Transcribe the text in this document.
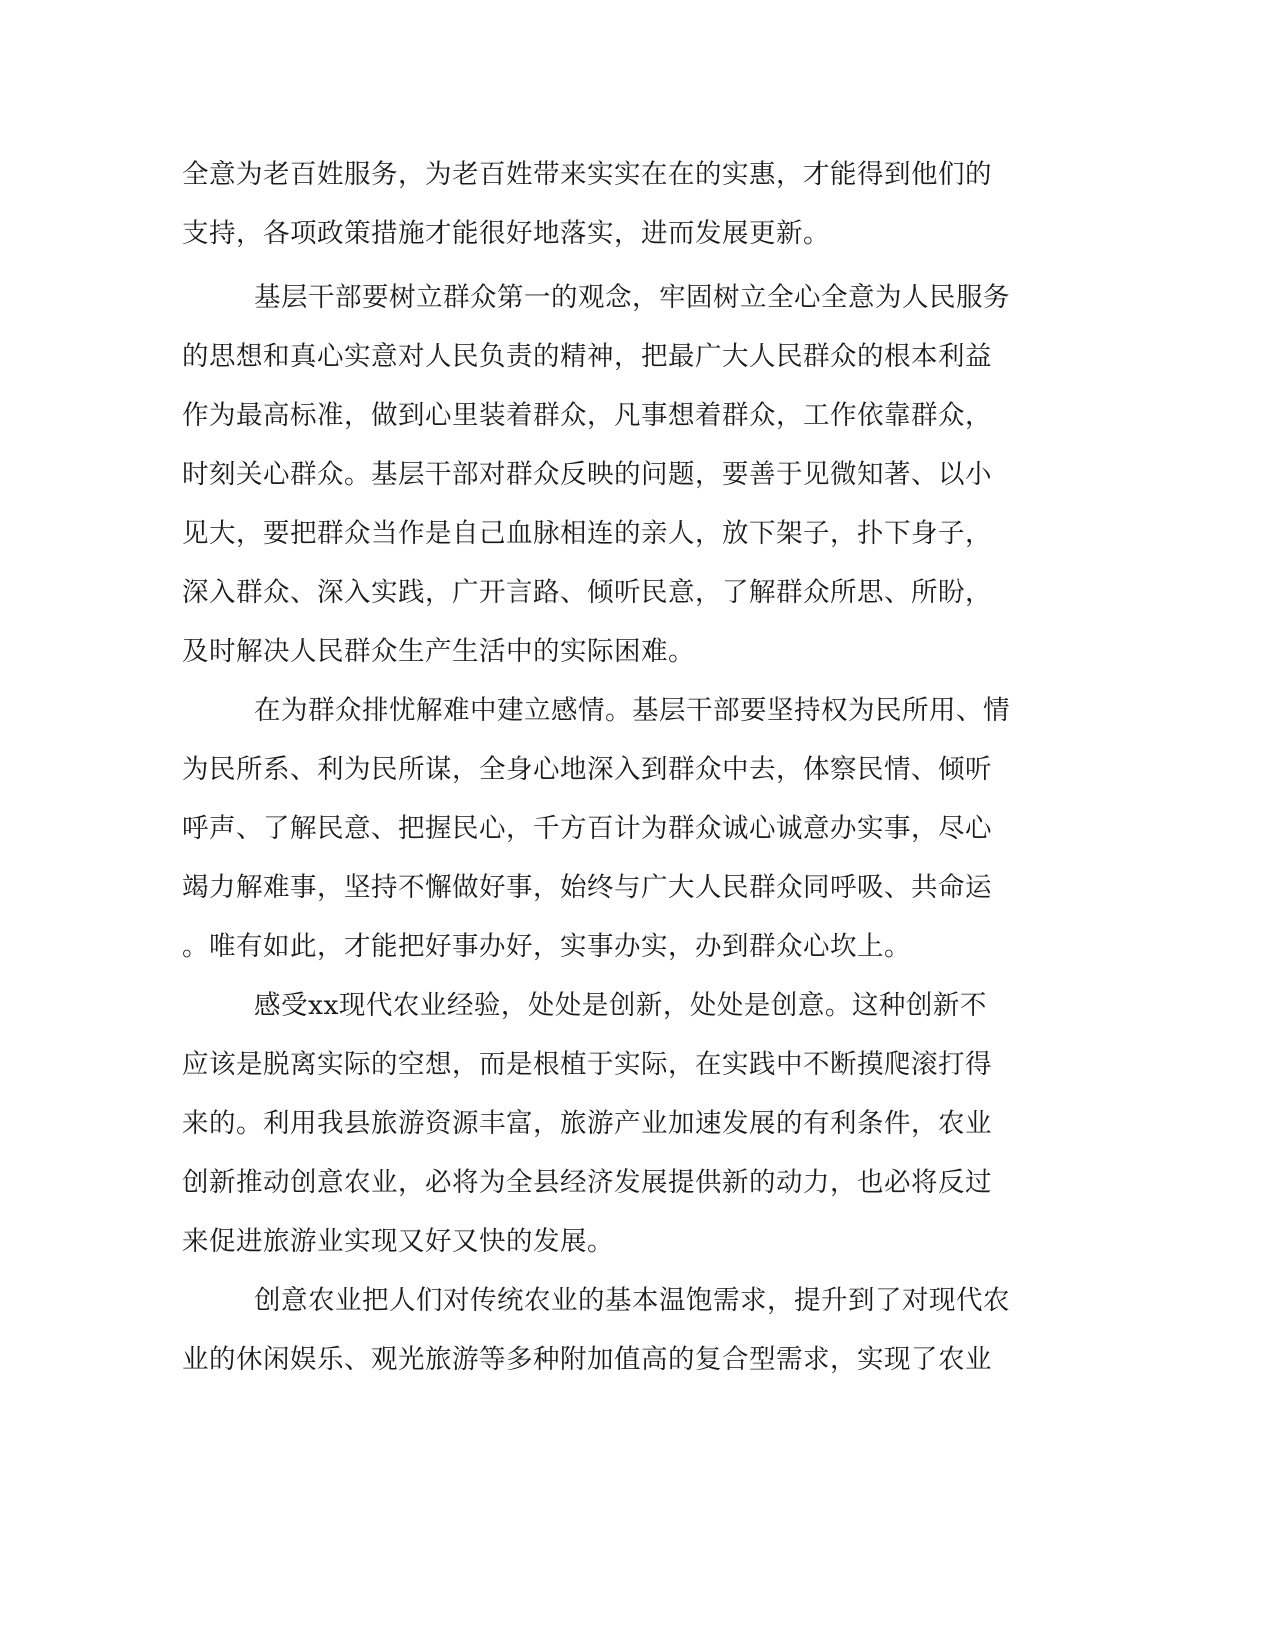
全意为老百姓服务，为老百姓带来实实在在的实惠，才能得到他们的
支持，各项政策措施才能很好地落实，进而发展更新。
基层干部要树立群众第一的观念，牢固树立全心全意为人民服务
的思想和真心实意对人民负责的精神，把最广大人民群众的根本利益
作为最高标准，做到心里装着群众，凡事想着群众，工作依靠群众，
时刻关心群众。基层干部对群众反映的问题，要善于见微知著、以小
见大，要把群众当作是自己血脉相连的亲人，放下架子，扑下身子，
深入群众、深入实践，广开言路、倾听民意，了解群众所思、所盼，
及时解决人民群众生产生活中的实际困难。
在为群众排忧解难中建立感情。基层干部要坚持权为民所用、情
为民所系、利为民所谋，全身心地深入到群众中去，体察民情、倾听
呼声、了解民意、把握民心，千方百计为群众诚心诚意办实事，尽心
竭力解难事，坚持不懈做好事，始终与广大人民群众同呼吸、共命运
。唯有如此，才能把好事办好，实事办实，办到群众心坎上。
感受xx现代农业经验，处处是创新，处处是创意。这种创新不
应该是脱离实际的空想，而是根植于实际，在实践中不断摸爬滚打得
来的。利用我县旅游资源丰富，旅游产业加速发展的有利条件，农业
创新推动创意农业，必将为全县经济发展提供新的动力，也必将反过
来促进旅游业实现又好又快的发展。
创意农业把人们对传统农业的基本温饱需求，提升到了对现代农
业的休闲娱乐、观光旅游等多种附加值高的复合型需求，实现了农业
